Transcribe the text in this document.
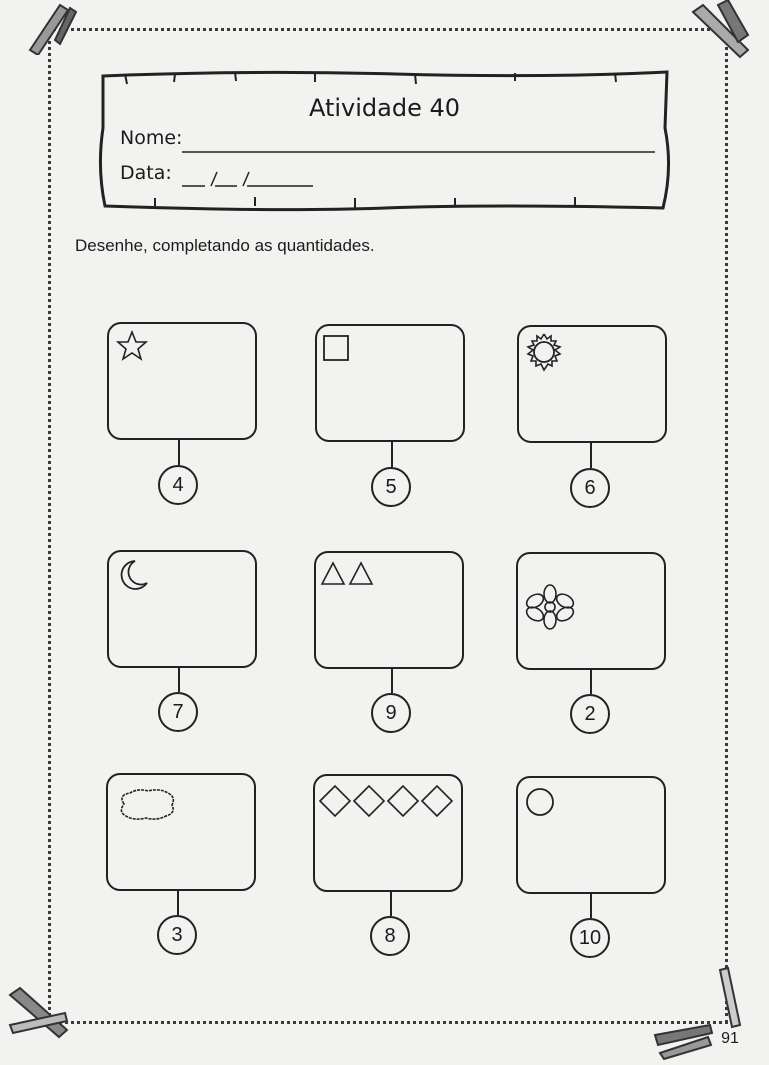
Atividade 40
Nome:
Data:
Desenhe, completando as quantidades.
4	5	6
7	9	2
3	8	10
91
